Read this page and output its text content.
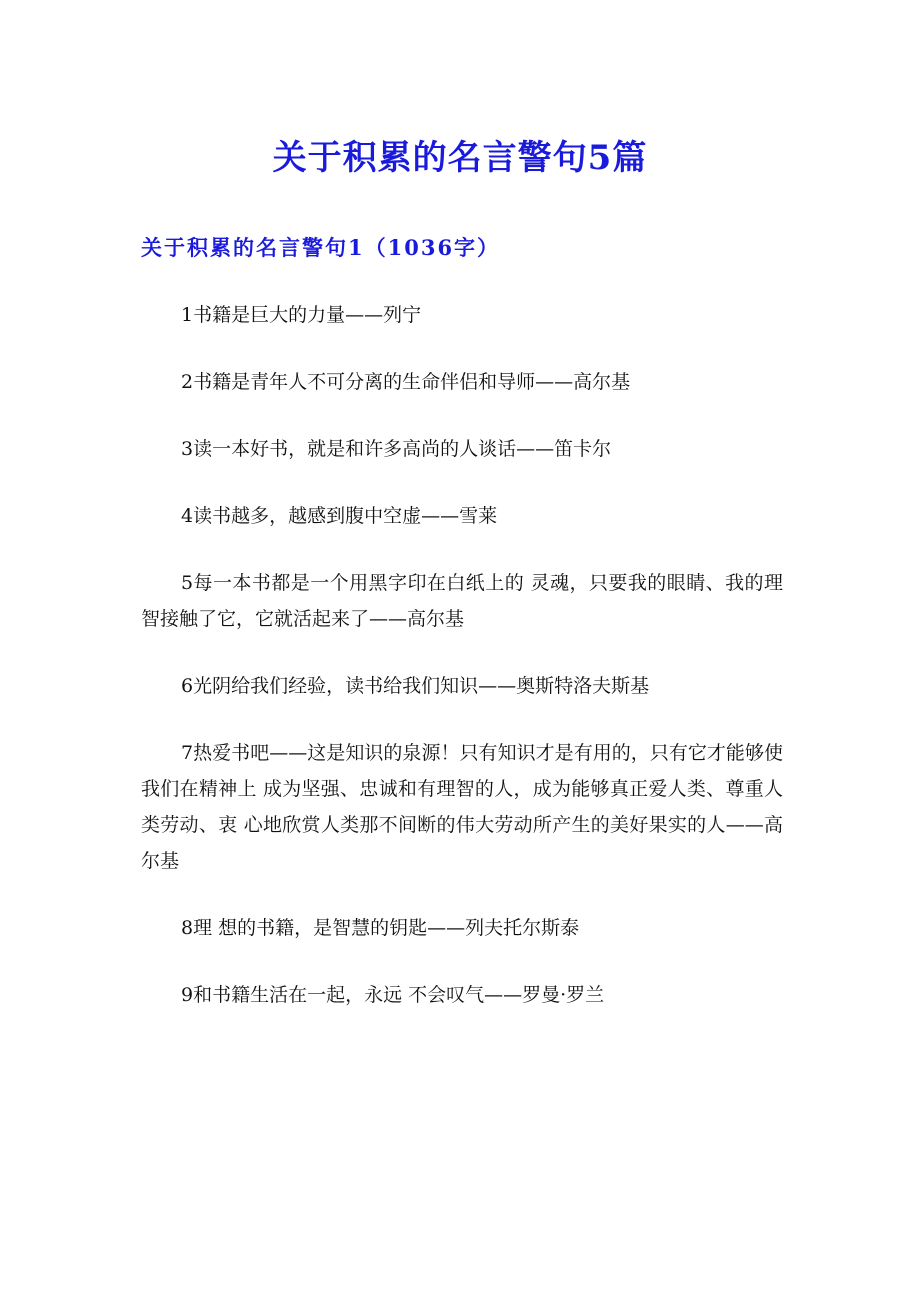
关于积累的名言警句5篇
关于积累的名言警句1（1036字）

1书籍是巨大的力量——列宁

2书籍是青年人不可分离的生命伴侣和导师——高尔基

3读一本好书，就是和许多高尚的人谈话——笛卡尔

4读书越多，越感到腹中空虚——雪莱

5每一本书都是一个用黑字印在白纸上的 灵魂，只要我的眼睛、我的理智接触了它，它就活起来了——高尔基

6光阴给我们经验，读书给我们知识——奥斯特洛夫斯基

7热爱书吧——这是知识的泉源！只有知识才是有用的，只有它才能够使我们在精神上 成为坚强、忠诚和有理智的人，成为能够真正爱人类、尊重人类劳动、衷 心地欣赏人类那不间断的伟大劳动所产生的美好果实的人——高尔基

8理 想的书籍，是智慧的钥匙——列夫托尔斯泰

9和书籍生活在一起，永远 不会叹气——罗曼·罗兰
